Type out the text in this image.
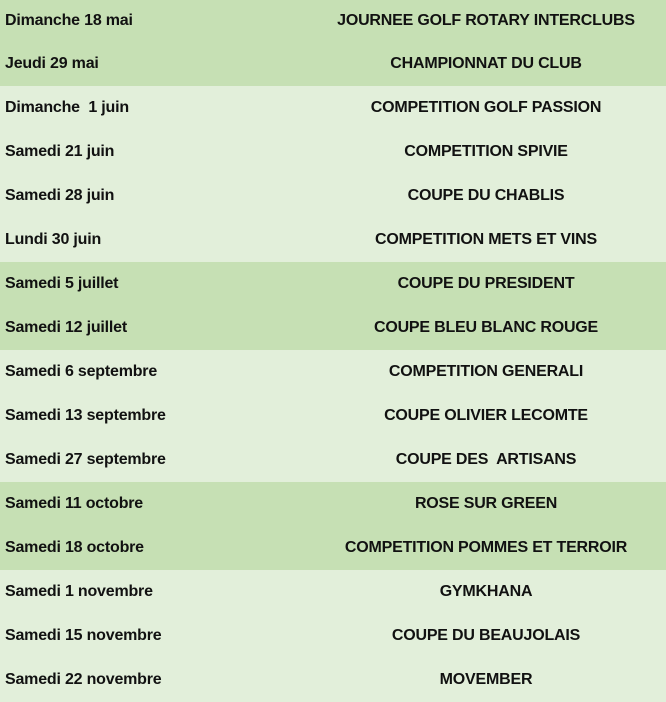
Dimanche 18 mai	JOURNEE GOLF ROTARY INTERCLUBS
Jeudi 29 mai	CHAMPIONNAT DU CLUB
Dimanche  1 juin	COMPETITION GOLF PASSION
Samedi 21 juin	COMPETITION SPIVIE
Samedi 28 juin	COUPE DU CHABLIS
Lundi 30 juin	COMPETITION METS ET VINS
Samedi 5 juillet	COUPE DU PRESIDENT
Samedi 12 juillet	COUPE BLEU BLANC ROUGE
Samedi 6 septembre	COMPETITION GENERALI
Samedi 13 septembre	COUPE OLIVIER LECOMTE
Samedi 27 septembre	COUPE DES  ARTISANS
Samedi 11 octobre	ROSE SUR GREEN
Samedi 18 octobre	COMPETITION POMMES ET TERROIR
Samedi 1 novembre	GYMKHANA
Samedi 15 novembre	COUPE DU BEAUJOLAIS
Samedi 22 novembre	MOVEMBER
